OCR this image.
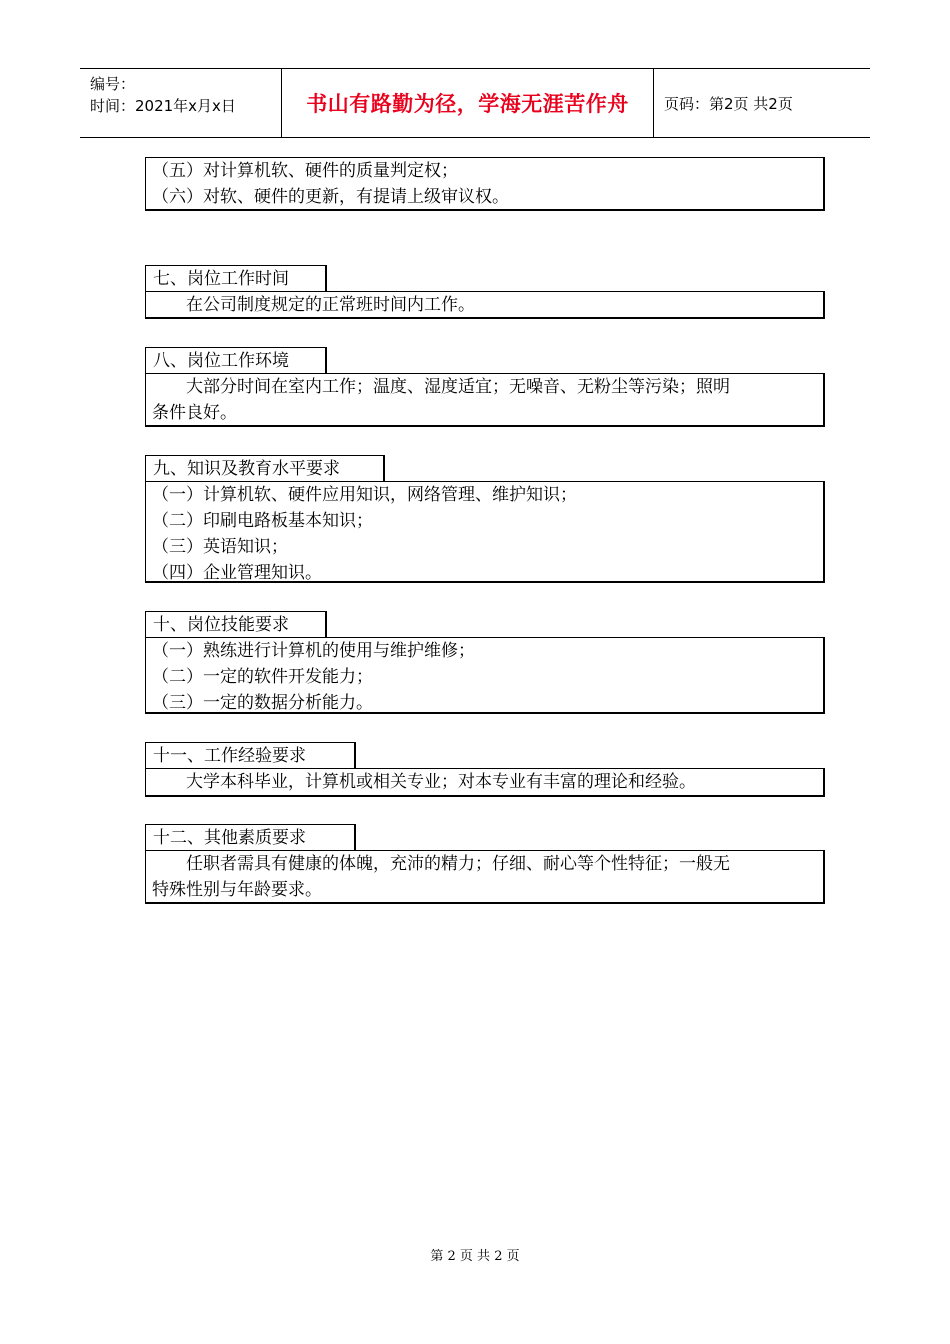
编号：
时间：2021年x月x日	书山有路勤为径，学海无涯苦作舟	页码：第2页 共2页
（五）对计算机软、硬件的质量判定权；
（六）对软、硬件的更新，有提请上级审议权。
七、岗位工作时间
在公司制度规定的正常班时间内工作。
八、岗位工作环境
大部分时间在室内工作；温度、湿度适宜；无噪音、无粉尘等污染；照明
条件良好。
九、知识及教育水平要求
（一）计算机软、硬件应用知识，网络管理、维护知识；
（二）印刷电路板基本知识；
（三）英语知识；
（四）企业管理知识。
十、岗位技能要求
（一）熟练进行计算机的使用与维护维修；
（二）一定的软件开发能力；
（三）一定的数据分析能力。
十一、工作经验要求
大学本科毕业，计算机或相关专业；对本专业有丰富的理论和经验。
十二、其他素质要求
任职者需具有健康的体魄，充沛的精力；仔细、耐心等个性特征；一般无
特殊性别与年龄要求。
第 2 页 共 2 页
